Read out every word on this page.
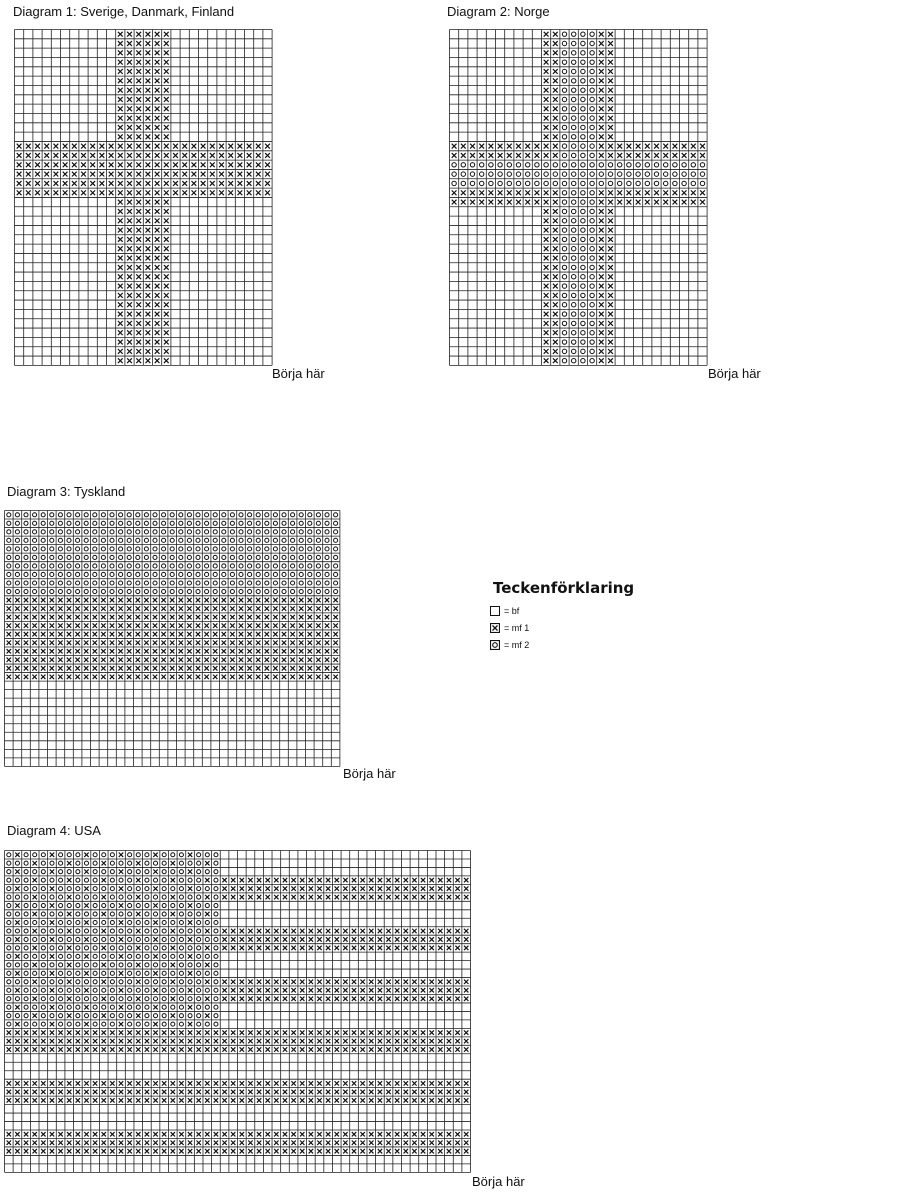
Diagram 1: Sverige, Danmark, Finland
Börja här
Diagram 2: Norge
Börja här
Diagram 3: Tyskland
Börja här
Diagram 4: USA
Börja här
Teckenförklaring
= bf
= mf 1
= mf 2
